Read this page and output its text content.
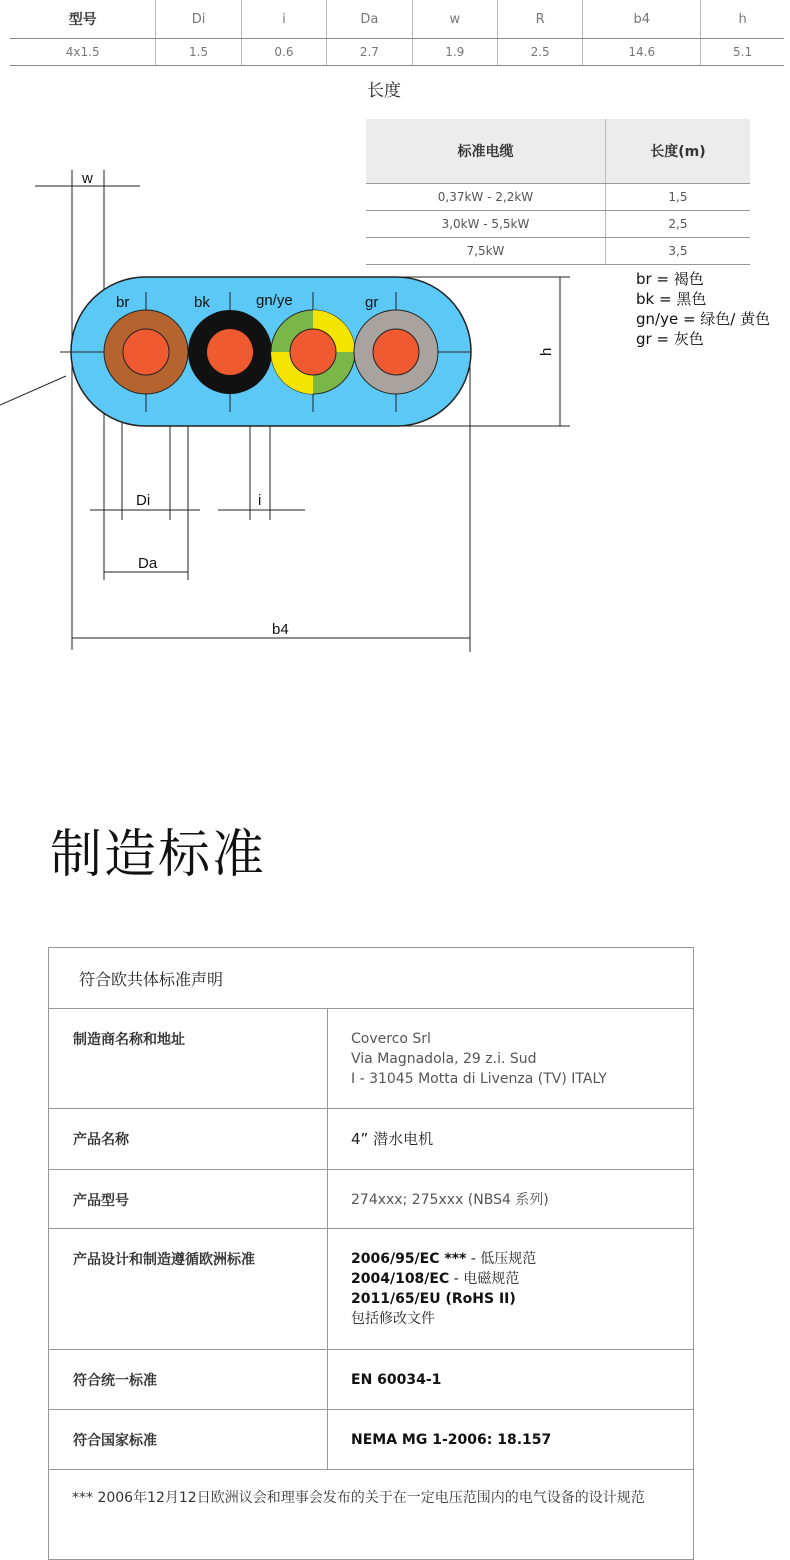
型号	Di	i	Da	w	R	b4	h
4x1.5	1.5	0.6	2.7	1.9	2.5	14.6	5.1
长度
标准电缆	长度(m)
0,37kW - 2,2kW	1,5
3,0kW - 5,5kW	2,5
7,5kW	3,5
br = 褐色
bk = 黑色
gn/ye = 绿色/ 黄色
gr = 灰色
br	bk	gn/ye	gr
w
h
Di	i
Da
b4
制造标准
符合欧共体标准声明
制造商名称和地址	Coverco Srl
Via Magnadola, 29 z.i. Sud
I - 31045 Motta di Livenza (TV) ITALY
产品名称	4” 潜水电机
产品型号	274xxx; 275xxx (NBS4 系列)
产品设计和制造遵循欧洲标准	2006/95/EC *** - 低压规范
2004/108/EC - 电磁规范
2011/65/EU (RoHS II)
包括修改文件
符合统一标准	EN 60034-1
符合国家标准	NEMA MG 1-2006: 18.157
*** 2006年12月12日欧洲议会和理事会发布的关于在一定电压范围内的电气设备的设计规范
